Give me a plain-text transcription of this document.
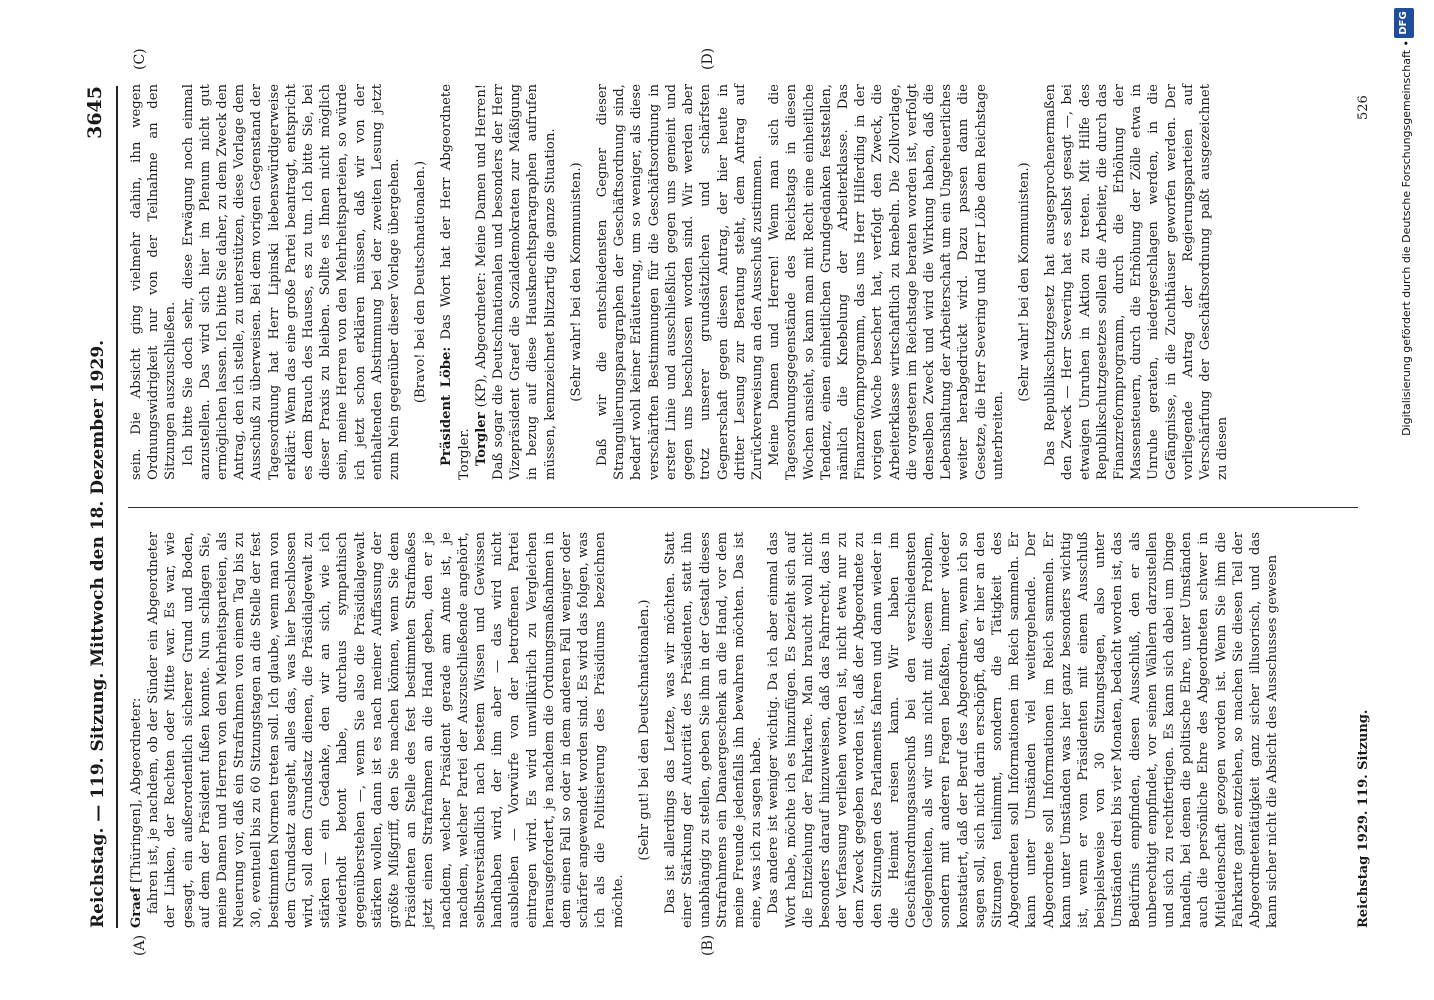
Reichstag. — 119. Sitzung. Mittwoch den 18. Dezember 1929.
3645
(A)	(B)
(C)	(D)

Graef [Thüringen], Abgeordneter: fahren ist, je nachdem, ob der Sünder ein Abgeordneter der Linken, der Rechten oder Mitte war. Es war, wie gesagt, ein außerordentlich sicherer Grund und Boden, auf dem der Präsident fußen konnte. Nun schlagen Sie, meine Damen und Herren von den Mehrheitsparteien, als Neuerung vor, daß ein Strafrahmen von einem Tag bis zu 30, eventuell bis zu 60 Sitzungstagen an die Stelle der fest bestimmten Normen treten soll. Ich glaube, wenn man von dem Grundsatz ausgeht, alles das, was hier beschlossen wird, soll dem Grundsatz dienen, die Präsidialgewalt zu stärken — ein Gedanke, den wir an sich, wie ich wiederholt betont habe, durchaus sympathisch gegenüberstehen —, wenn Sie also die Präsidialgewalt stärken wollen, dann ist es nach meiner Auffassung der größte Mißgriff, den Sie machen können, wenn Sie dem Präsidenten an Stelle des fest bestimmten Strafmaßes jetzt einen Strafrahmen an die Hand geben, den er je nachdem, welcher Präsident gerade am Amte ist, je nachdem, welcher Partei der Auszuschließende angehört, selbstverständlich nach bestem Wissen und Gewissen handhaben wird, der ihm aber — das wird nicht ausbleiben — Vorwürfe von der betroffenen Partei eintragen wird. Es wird unwillkürlich zu Vergleichen herausgefordert, je nachdem die Ordnungsmaßnahmen in dem einen Fall so oder in dem anderen Fall weniger oder schärfer angewendet worden sind. Es wird das folgen, was ich als die Politisierung des Präsidiums bezeichnen möchte.

(Sehr gut! bei den Deutschnationalen.) Das ist allerdings das Letzte, was wir möchten. Statt einer Stärkung der Autorität des Präsidenten, statt ihn unabhängig zu stellen, geben Sie ihm in der Gestalt dieses Strafrahmens ein Danaergeschenk an die Hand, vor dem meine Freunde jedenfalls ihn bewahren möchten. Das ist eine, was ich zu sagen habe. Das andere ist weniger wichtig. Da ich aber einmal das Wort habe, möchte ich es hinzufügen. Es bezieht sich auf die Entziehung der Fahrkarte. Man braucht wohl nicht besonders darauf hinzuweisen, daß das Fahrrecht, das in der Verfassung verliehen worden ist, nicht etwa nur zu dem Zweck gegeben worden ist, daß der Abgeordnete zu den Sitzungen des Parlaments fahren und dann wieder in die Heimat reisen kann. Wir haben im Geschäftsordnungsausschuß bei den verschiedensten Gelegenheiten, als wir uns nicht mit diesem Problem, sondern mit anderen Fragen befaßten, immer wieder konstatiert, daß der Beruf des Abgeordneten, wenn ich so sagen soll, sich nicht darin erschöpft, daß er hier an den Sitzungen teilnimmt, sondern die Tätigkeit des Abgeordneten soll Informationen im Reich sammeln. Er kann unter Umständen viel weitergehende. Der Abgeordnete soll Informationen im Reich sammeln. Er kann unter Umständen was hier ganz besonders wichtig ist, wenn er vom Präsidenten mit einem Ausschluß beispielsweise von 30 Sitzungstagen, also unter Umständen drei bis vier Monaten, bedacht worden ist, das Bedürfnis empfinden, diesen Ausschluß, den er als unberechtigt empfindet, vor seinen Wählern darzustellen und sich zu rechtfertigen. Es kann sich dabei um Dinge handeln, bei denen die politische Ehre, unter Umständen auch die persönliche Ehre des Abgeordneten schwer in Mitleidenschaft gezogen worden ist. Wenn Sie ihm die Fahrkarte ganz entziehen, so machen Sie diesen Teil der Abgeordnetentätigkeit ganz sicher illusorisch, und das kann sicher nicht die Absicht des Ausschusses gewesen

sein. Die Absicht ging vielmehr dahin, ihn wegen Ordnungswidrigkeit nur von der Teilnahme an den Sitzungen auszuschließen. Ich bitte Sie doch sehr, diese Erwägung noch einmal anzustellen. Das wird sich hier im Plenum nicht gut ermöglichen lassen. Ich bitte Sie daher, zu dem Zweck den Antrag, den ich stelle, zu unterstützen, diese Vorlage dem Ausschuß zu überweisen. Bei dem vorigen Gegenstand der Tagesordnung hat Herr Lipinski liebenswürdigerweise erklärt: Wenn das eine große Partei beantragt, entspricht es dem Brauch des Hauses, es zu tun. Ich bitte Sie, bei dieser Praxis zu bleiben. Sollte es Ihnen nicht möglich sein, meine Herren von den Mehrheitsparteien, so würde ich jetzt schon erklären müssen, daß wir von der enthaltenden Abstimmung bei der zweiten Lesung jetzt zum Nein gegenüber dieser Vorlage übergehen. (Bravo! bei den Deutschnationalen.)

Präsident Löbe: Das Wort hat der Herr Abgeordnete Torgler. Torgler (KP), Abgeordneter: Meine Damen und Herren! Daß sogar die Deutschnationalen und besonders der Herr Vizepräsident Graef die Sozialdemokraten zur Mäßigung in bezug auf diese Hausknechtsparagraphen aufrufen müssen, kennzeichnet blitzartig die ganze Situation. (Sehr wahr! bei den Kommunisten.) Daß wir die entschiedensten Gegner dieser Strangulierungsparagraphen der Geschäftsordnung sind, bedarf wohl keiner Erläuterung, um so weniger, als diese verschärften Bestimmungen für die Geschäftsordnung in erster Linie und ausschließlich gegen uns gemeint und gegen uns beschlossen worden sind. Wir werden aber trotz unserer grundsätzlichen und schärfsten Gegnerschaft gegen diesen Antrag, der hier heute in dritter Lesung zur Beratung steht, dem Antrag auf Zurückverweisung an den Ausschuß zustimmen. Meine Damen und Herren! Wenn man sich die Tagesordnungsgegenstände des Reichstags in diesen Wochen ansieht, so kann man mit Recht eine einheitliche Tendenz, einen einheitlichen Grundgedanken feststellen, nämlich die Knebelung der Arbeiterklasse. Das Finanzreformprogramm, das uns Herr Hilferding in der vorigen Woche beschert hat, verfolgt den Zweck, die Arbeiterklasse wirtschaftlich zu knebeln. Die Zollvorlage, die vorgestern im Reichstage beraten worden ist, verfolgt denselben Zweck und wird die Wirkung haben, daß die Lebenshaltung der Arbeiterschaft um ein Ungeheuerliches weiter herabgedrückt wird. Dazu passen dann die Gesetze, die Herr Severing und Herr Löbe dem Reichstage unterbreiten.

(Sehr wahr! bei den Kommunisten.) Das Republikschutzgesetz hat ausgesprochenermaßen den Zweck — Herr Severing hat es selbst gesagt —, bei etwaigen Unruhen in Aktion zu treten. Mit Hilfe des Republikschutzgesetzes sollen die Arbeiter, die durch das Finanzreformprogramm, durch die Erhöhung der Massensteuern, durch die Erhöhung der Zölle etwa in Unruhe geraten, niedergeschlagen werden, in die Gefängnisse, in die Zuchthäuser geworfen werden. Der vorliegende Antrag der Regierungsparteien auf Verschärfung der Geschäftsordnung paßt ausgezeichnet zu diesen

Reichstag 1929. 119. Sitzung.
526	Digitalisierung gefördert durch die Deutsche Forschungsgemeinschaft •
DFG
